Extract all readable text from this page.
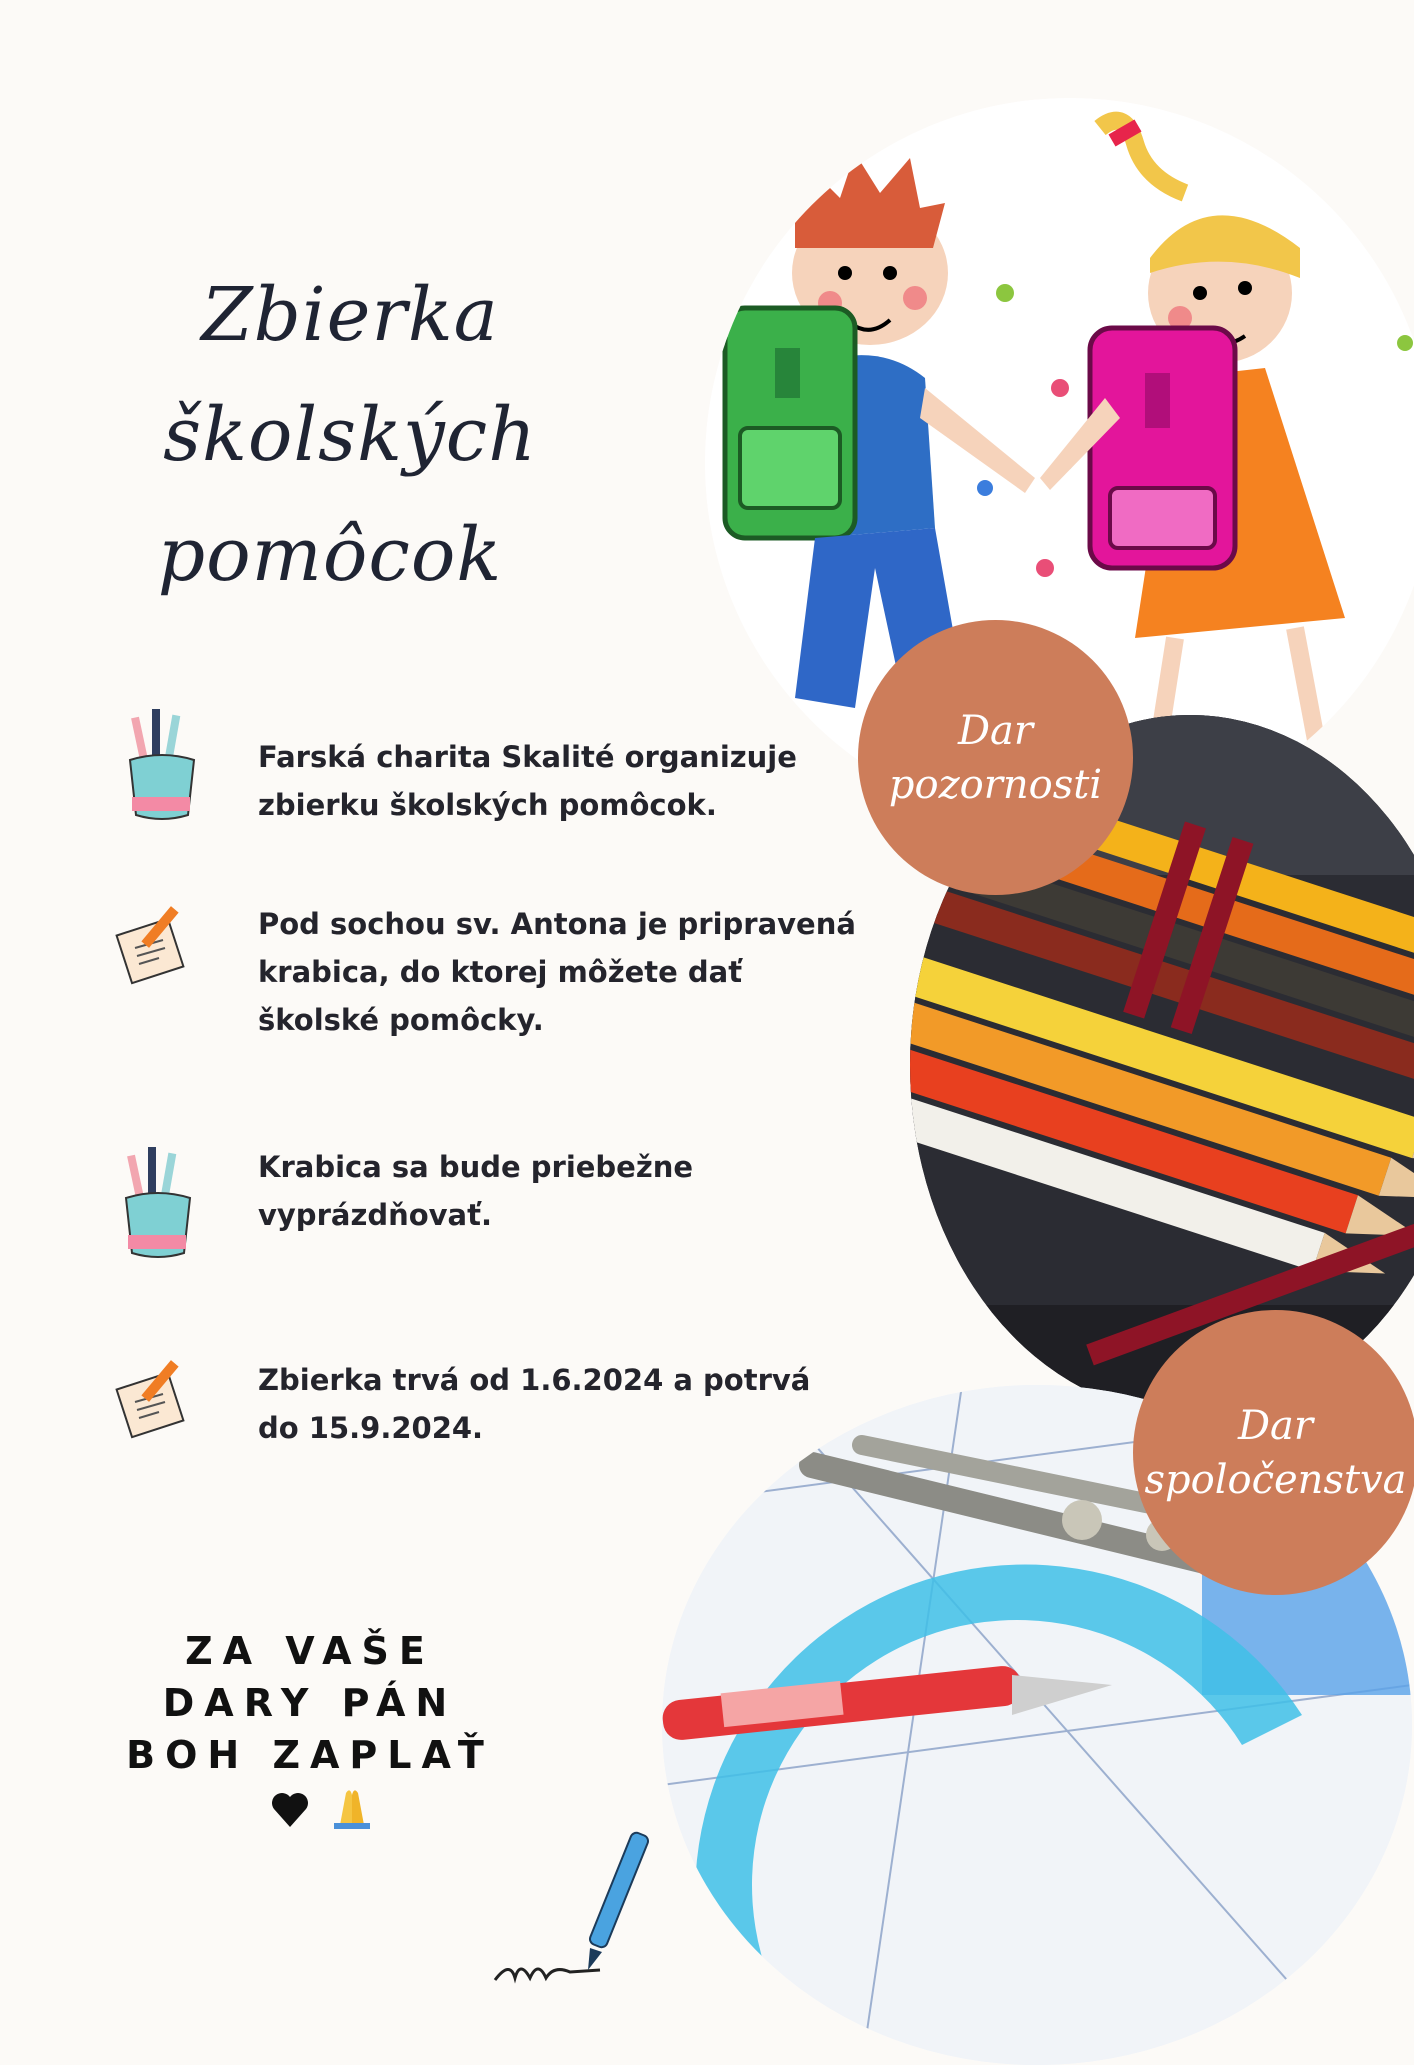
Zbierka školských
pomôcok
Dar
pozornosti
Dar
spoločenstva
Farská charita Skalité organizuje zbierku školských pomôcok.
Pod sochou sv. Antona je pripravená krabica, do ktorej môžete dať školské pomôcky.
Krabica sa bude priebežne vyprázdňovať.
Zbierka trvá od 1.6.2024 a potrvá do 15.9.2024.
ZA VAŠE
DARY PÁN
BOH ZAPLAŤ
